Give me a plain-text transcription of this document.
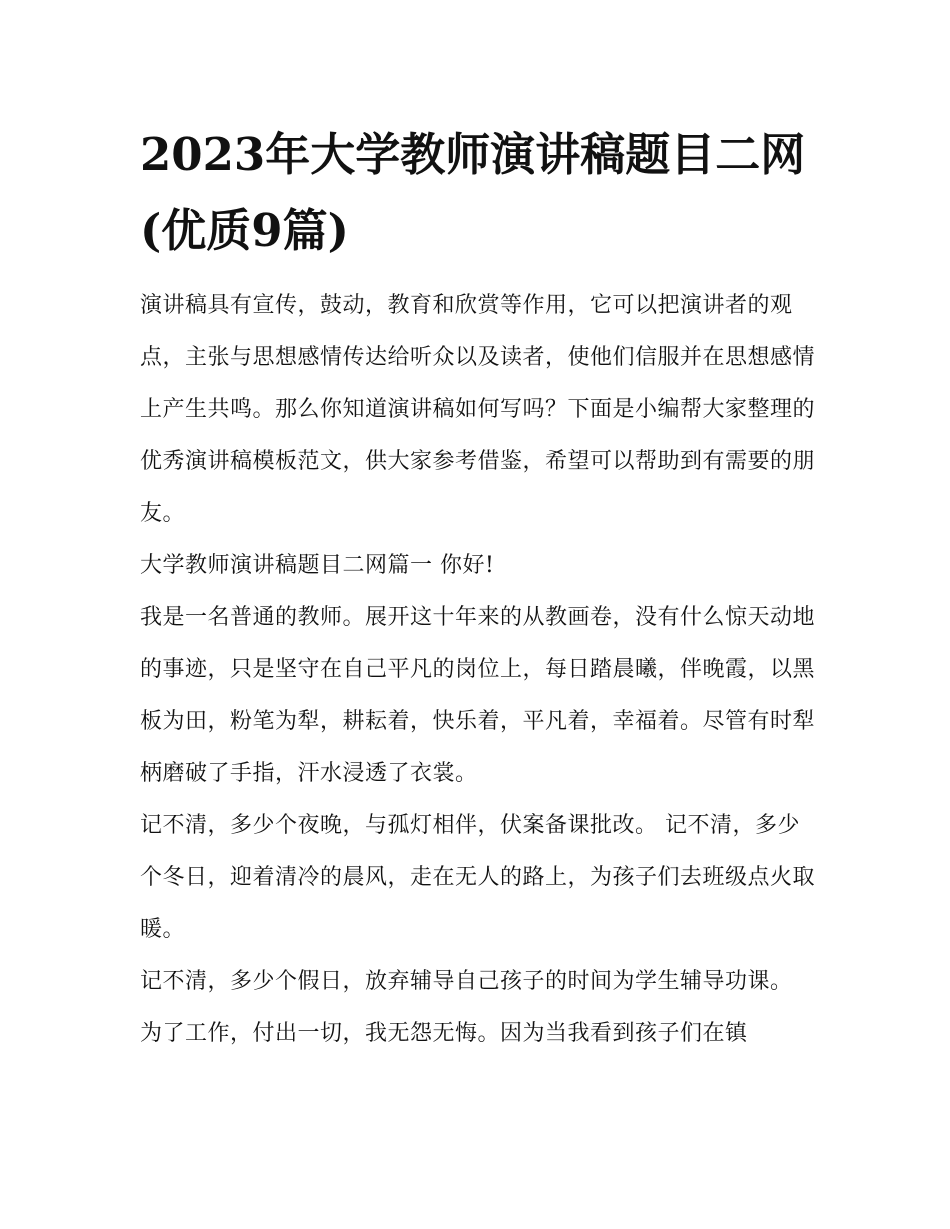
2023年大学教师演讲稿题目二网(优质9篇)

演讲稿具有宣传，鼓动，教育和欣赏等作用，它可以把演讲者的观点，主张与思想感情传达给听众以及读者，使他们信服并在思想感情上产生共鸣。那么你知道演讲稿如何写吗？下面是小编帮大家整理的优秀演讲稿模板范文，供大家参考借鉴，希望可以帮助到有需要的朋友。

大学教师演讲稿题目二网篇一 你好!

我是一名普通的教师。展开这十年来的从教画卷，没有什么惊天动地的事迹，只是坚守在自己平凡的岗位上，每日踏晨曦，伴晚霞，以黑板为田，粉笔为犁，耕耘着，快乐着，平凡着，幸福着。尽管有时犁柄磨破了手指，汗水浸透了衣裳。

记不清，多少个夜晚，与孤灯相伴，伏案备课批改。 记不清，多少个冬日，迎着清冷的晨风，走在无人的路上，为孩子们去班级点火取暖。

记不清，多少个假日，放弃辅导自己孩子的时间为学生辅导功课。

为了工作，付出一切，我无怨无悔。因为当我看到孩子们在镇
